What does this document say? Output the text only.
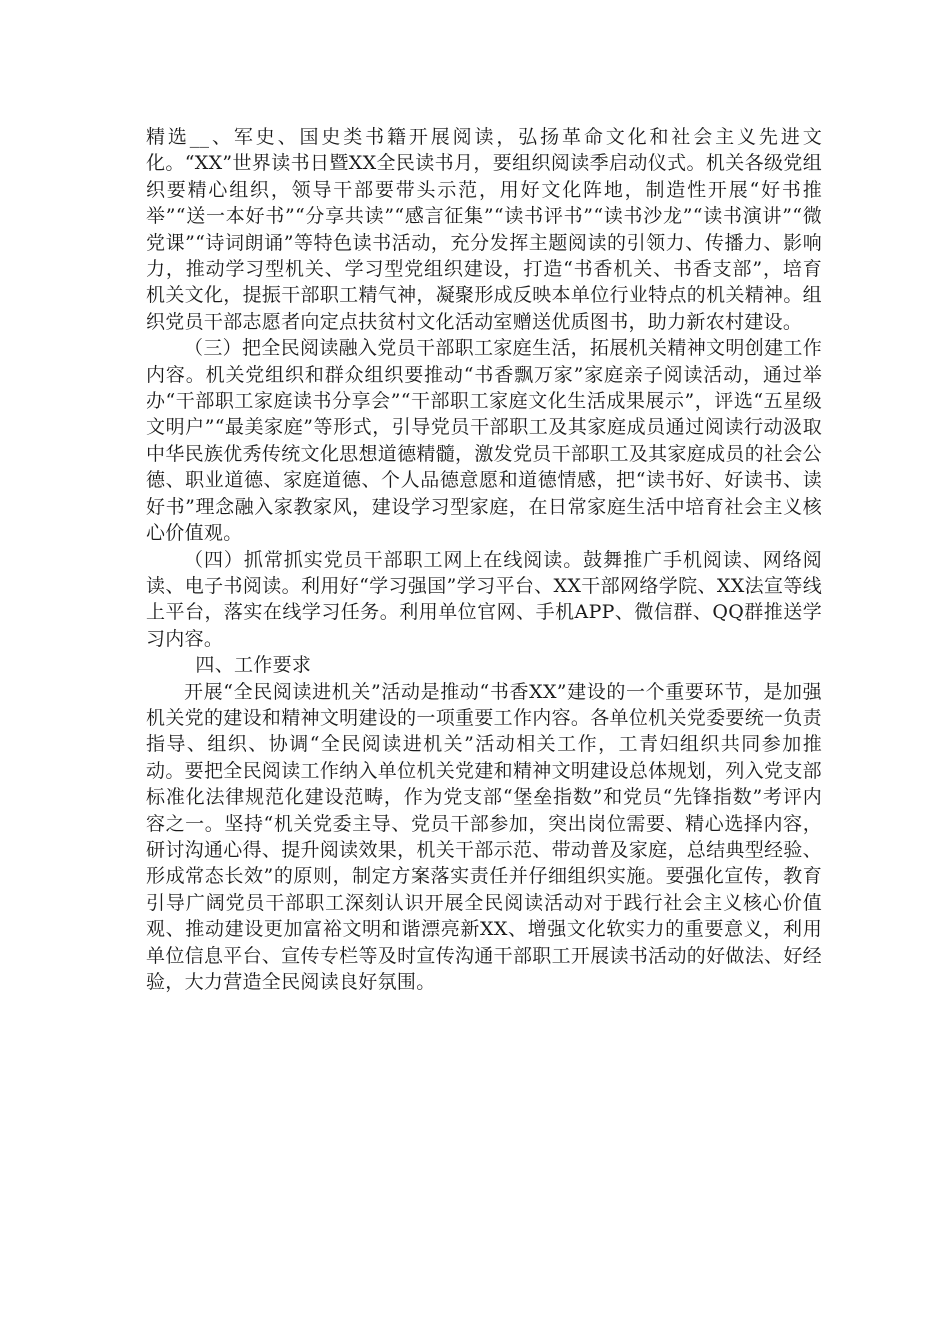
精选__、军史、国史类书籍开展阅读，弘扬革命文化和社会主义先进文化。“XX”世界读书日暨XX全民读书月，要组织阅读季启动仪式。机关各级党组织要精心组织，领导干部要带头示范，用好文化阵地，制造性开展“好书推举”“送一本好书”“分享共读”“感言征集”“读书评书”“读书沙龙”“读书演讲”“微党课”“诗词朗诵”等特色读书活动，充分发挥主题阅读的引领力、传播力、影响力，推动学习型机关、学习型党组织建设，打造“书香机关、书香支部”，培育机关文化，提振干部职工精气神，凝聚形成反映本单位行业特点的机关精神。组织党员干部志愿者向定点扶贫村文化活动室赠送优质图书，助力新农村建设。

（三）把全民阅读融入党员干部职工家庭生活，拓展机关精神文明创建工作内容。机关党组织和群众组织要推动“书香飘万家”家庭亲子阅读活动，通过举办“干部职工家庭读书分享会”“干部职工家庭文化生活成果展示”，评选“五星级文明户”“最美家庭”等形式，引导党员干部职工及其家庭成员通过阅读行动汲取中华民族优秀传统文化思想道德精髓，激发党员干部职工及其家庭成员的社会公德、职业道德、家庭道德、个人品德意愿和道德情感，把“读书好、好读书、读好书”理念融入家教家风，建设学习型家庭，在日常家庭生活中培育社会主义核心价值观。

（四）抓常抓实党员干部职工网上在线阅读。鼓舞推广手机阅读、网络阅读、电子书阅读。利用好“学习强国”学习平台、XX干部网络学院、XX法宣等线上平台，落实在线学习任务。利用单位官网、手机APP、微信群、QQ群推送学习内容。

四、工作要求

开展“全民阅读进机关”活动是推动“书香XX”建设的一个重要环节，是加强机关党的建设和精神文明建设的一项重要工作内容。各单位机关党委要统一负责指导、组织、协调“全民阅读进机关”活动相关工作，工青妇组织共同参加推动。要把全民阅读工作纳入单位机关党建和精神文明建设总体规划，列入党支部标准化法律规范化建设范畴，作为党支部“堡垒指数”和党员“先锋指数”考评内容之一。坚持“机关党委主导、党员干部参加，突出岗位需要、精心选择内容，研讨沟通心得、提升阅读效果，机关干部示范、带动普及家庭，总结典型经验、形成常态长效”的原则，制定方案落实责任并仔细组织实施。要强化宣传，教育引导广阔党员干部职工深刻认识开展全民阅读活动对于践行社会主义核心价值观、推动建设更加富裕文明和谐漂亮新XX、增强文化软实力的重要意义，利用单位信息平台、宣传专栏等及时宣传沟通干部职工开展读书活动的好做法、好经验，大力营造全民阅读良好氛围。
